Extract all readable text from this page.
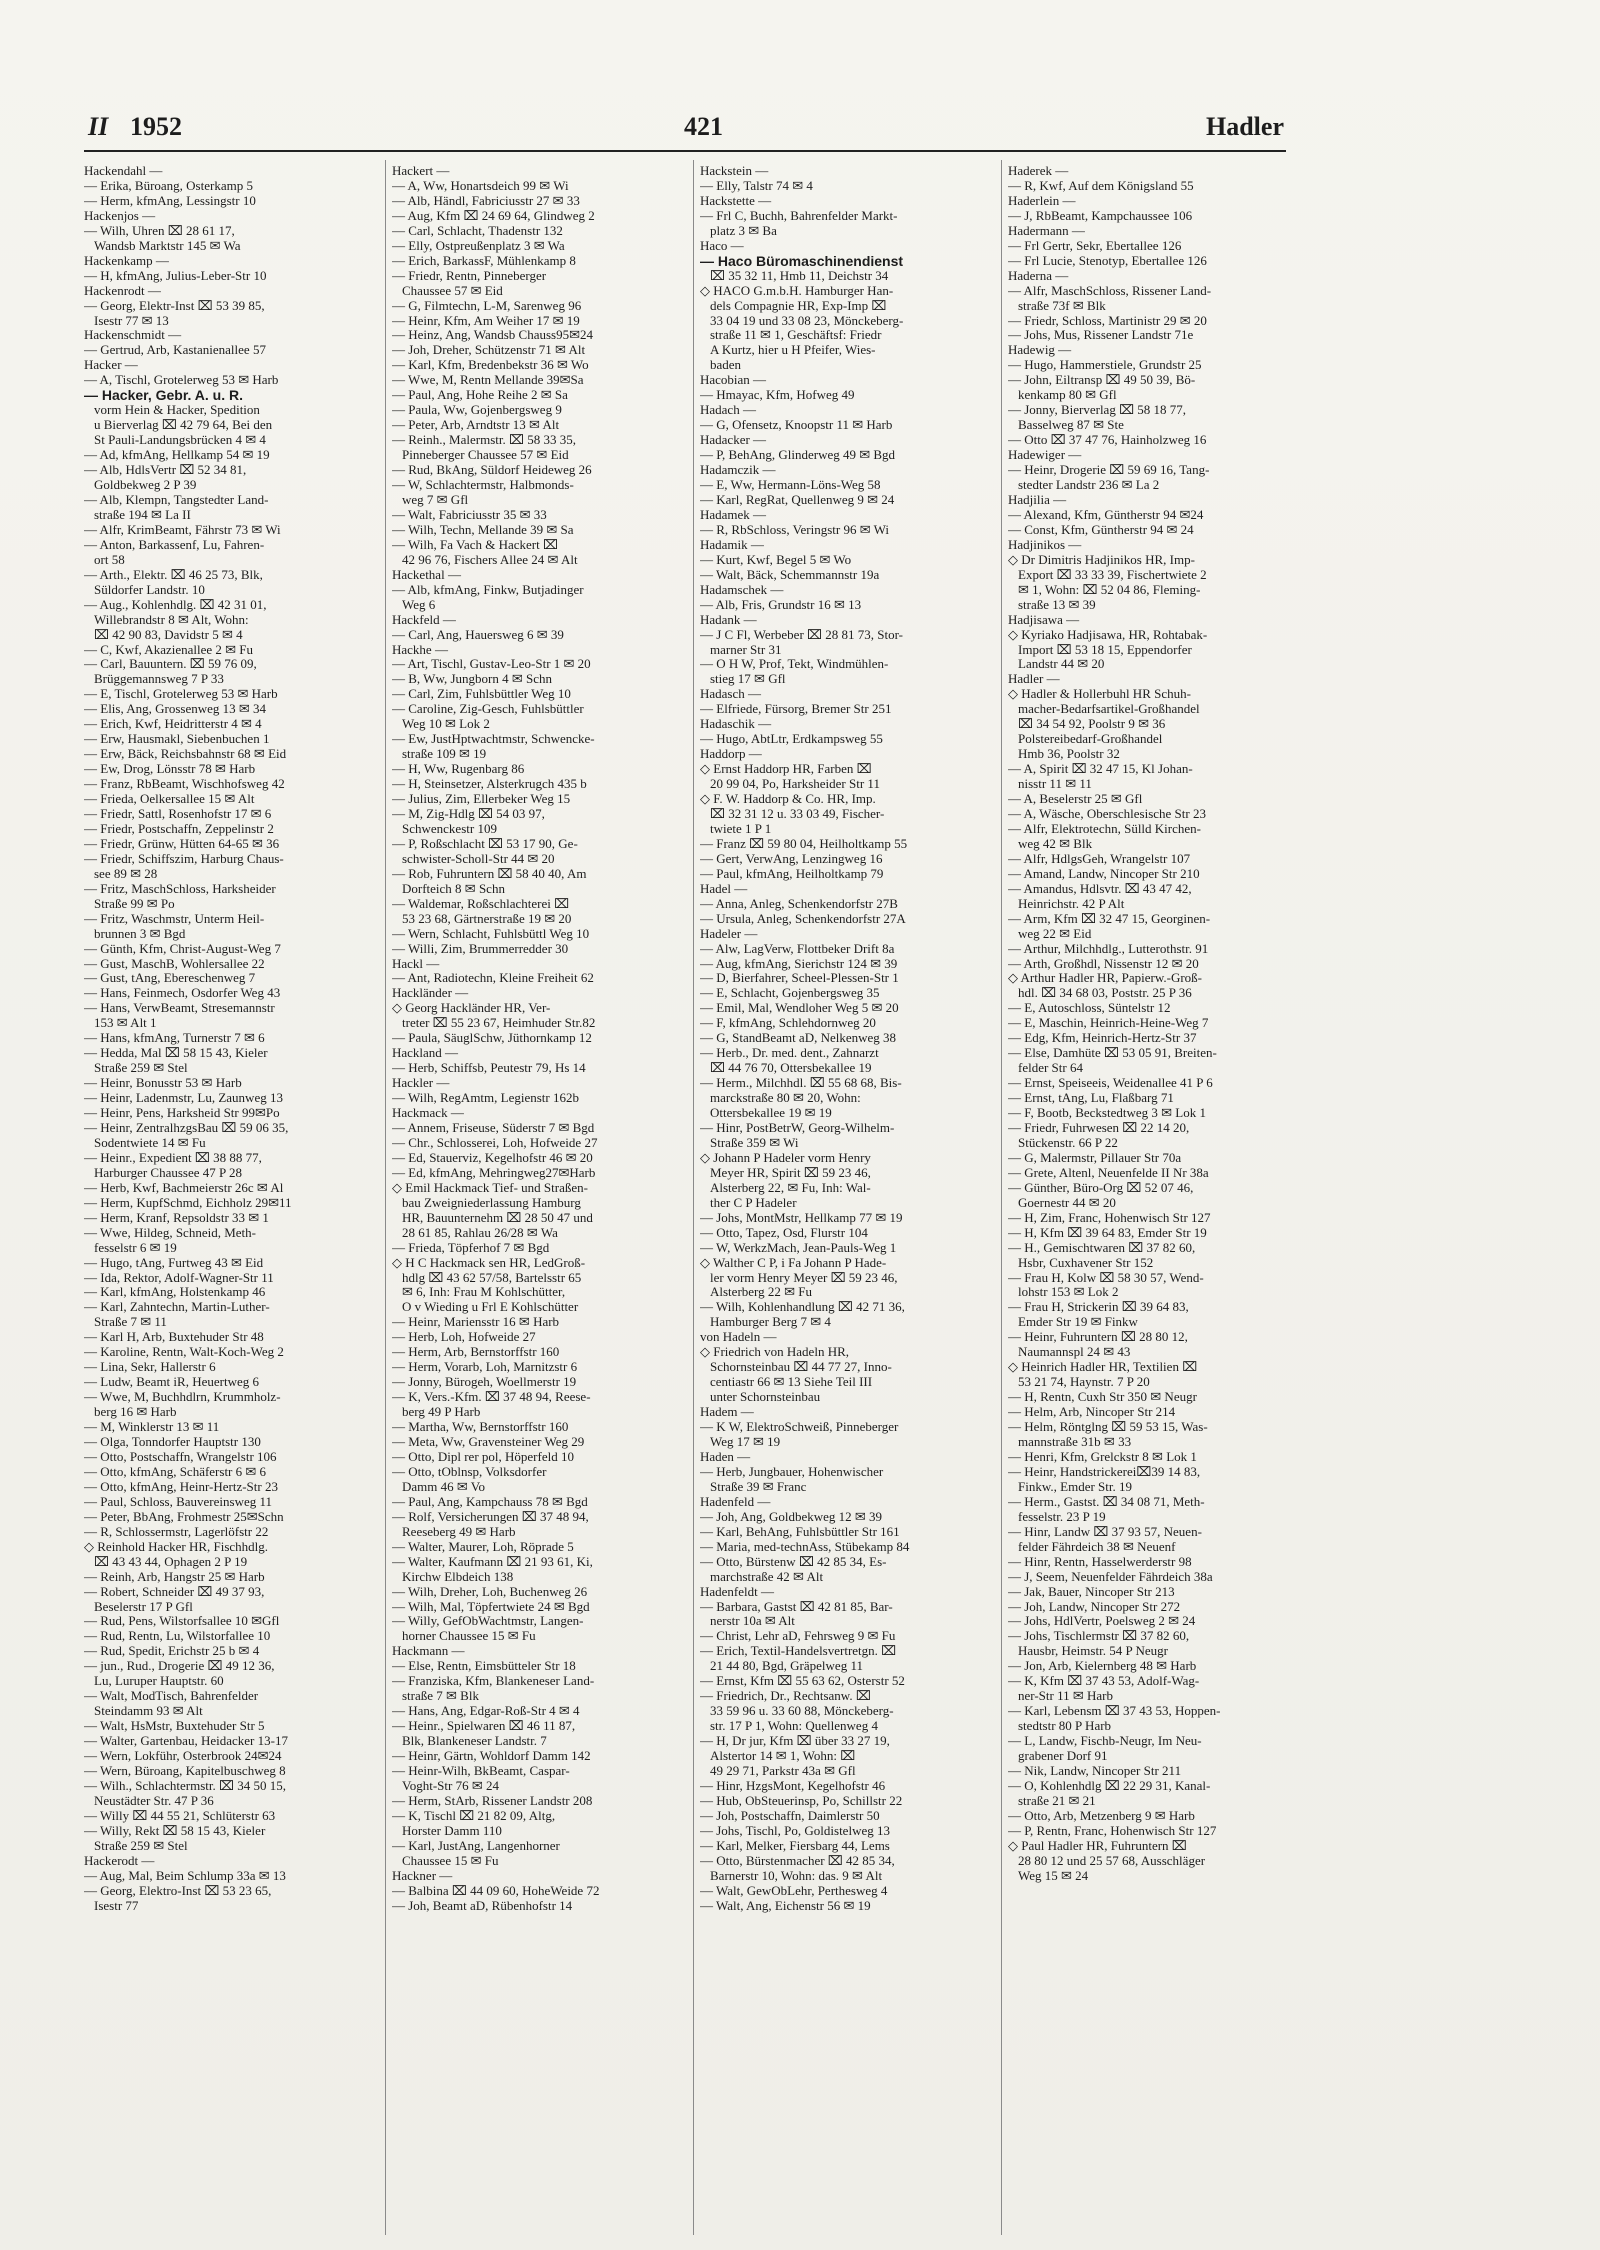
II 1952	421	Hadler
Hackendahl —
— Erika, Büroang, Osterkamp 5
— Herm, kfmAng, Lessingstr 10
Hackenjos —
— Wilh, Uhren ⌧ 28 61 17,
Wandsb Marktstr 145 ✉ Wa
Hackenkamp —
— H, kfmAng, Julius-Leber-Str 10
Hackenrodt —
— Georg, Elektr-Inst ⌧ 53 39 85,
Isestr 77 ✉ 13
Hackenschmidt —
— Gertrud, Arb, Kastanienallee 57
Hacker —
— A, Tischl, Grotelerweg 53 ✉ Harb
— Hacker, Gebr. A. u. R.
vorm Hein & Hacker, Spedition
u Bierverlag ⌧ 42 79 64, Bei den
St Pauli-Landungsbrücken 4 ✉ 4
— Ad, kfmAng, Hellkamp 54 ✉ 19
— Alb, HdlsVertr ⌧ 52 34 81,
Goldbekweg 2 P 39
— Alb, Klempn, Tangstedter Land-
straße 194 ✉ La II
— Alfr, KrimBeamt, Fährstr 73 ✉ Wi
— Anton, Barkassenf, Lu, Fahren-
ort 58
— Arth., Elektr. ⌧ 46 25 73, Blk,
Süldorfer Landstr. 10
— Aug., Kohlenhdlg. ⌧ 42 31 01,
Willebrandstr 8 ✉ Alt, Wohn:
⌧ 42 90 83, Davidstr 5 ✉ 4
— C, Kwf, Akazienallee 2 ✉ Fu
— Carl, Bauuntern. ⌧ 59 76 09,
Brüggemannsweg 7 P 33
— E, Tischl, Grotelerweg 53 ✉ Harb
— Elis, Ang, Grossenweg 13 ✉ 34
— Erich, Kwf, Heidritterstr 4 ✉ 4
— Erw, Hausmakl, Siebenbuchen 1
— Erw, Bäck, Reichsbahnstr 68 ✉ Eid
— Ew, Drog, Lönsstr 78 ✉ Harb
— Franz, RbBeamt, Wischhofsweg 42
— Frieda, Oelkersallee 15 ✉ Alt
— Friedr, Sattl, Rosenhofstr 17 ✉ 6
— Friedr, Postschaffn, Zeppelinstr 2
— Friedr, Grünw, Hütten 64-65 ✉ 36
— Friedr, Schiffszim, Harburg Chaus-
see 89 ✉ 28
— Fritz, MaschSchloss, Harksheider
Straße 99 ✉ Po
— Fritz, Waschmstr, Unterm Heil-
brunnen 3 ✉ Bgd
— Günth, Kfm, Christ-August-Weg 7
— Gust, MaschB, Wohlersallee 22
— Gust, tAng, Ebereschenweg 7
— Hans, Feinmech, Osdorfer Weg 43
— Hans, VerwBeamt, Stresemannstr
153 ✉ Alt 1
— Hans, kfmAng, Turnerstr 7 ✉ 6
— Hedda, Mal ⌧ 58 15 43, Kieler
Straße 259 ✉ Stel
— Heinr, Bonusstr 53 ✉ Harb
— Heinr, Ladenmstr, Lu, Zaunweg 13
— Heinr, Pens, Harksheid Str 99✉Po
— Heinr, ZentralhzgsBau ⌧ 59 06 35,
Sodentwiete 14 ✉ Fu
— Heinr., Expedient ⌧ 38 88 77,
Harburger Chaussee 47 P 28
— Herb, Kwf, Bachmeierstr 26c ✉ Al
— Herm, KupfSchmd, Eichholz 29✉11
— Herm, Kranf, Repsoldstr 33 ✉ 1
— Wwe, Hildeg, Schneid, Meth-
fesselstr 6 ✉ 19
— Hugo, tAng, Furtweg 43 ✉ Eid
— Ida, Rektor, Adolf-Wagner-Str 11
— Karl, kfmAng, Holstenkamp 46
— Karl, Zahntechn, Martin-Luther-
Straße 7 ✉ 11
— Karl H, Arb, Buxtehuder Str 48
— Karoline, Rentn, Walt-Koch-Weg 2
— Lina, Sekr, Hallerstr 6
— Ludw, Beamt iR, Heuertweg 6
— Wwe, M, Buchhdlrn, Krummholz-
berg 16 ✉ Harb
— M, Winklerstr 13 ✉ 11
— Olga, Tonndorfer Hauptstr 130
— Otto, Postschaffn, Wrangelstr 106
— Otto, kfmAng, Schäferstr 6 ✉ 6
— Otto, kfmAng, Heinr-Hertz-Str 23
— Paul, Schloss, Bauvereinsweg 11
— Peter, BbAng, Frohmestr 25✉Schn
— R, Schlossermstr, Lagerlöfstr 22
◇ Reinhold Hacker HR, Fischhdlg.
⌧ 43 43 44, Ophagen 2 P 19
— Reinh, Arb, Hangstr 25 ✉ Harb
— Robert, Schneider ⌧ 49 37 93,
Beselerstr 17 P Gfl
— Rud, Pens, Wilstorfsallee 10 ✉Gfl
— Rud, Rentn, Lu, Wilstorfallee 10
— Rud, Spedit, Erichstr 25 b ✉ 4
— jun., Rud., Drogerie ⌧ 49 12 36,
Lu, Luruper Hauptstr. 60
— Walt, ModTisch, Bahrenfelder
Steindamm 93 ✉ Alt
— Walt, HsMstr, Buxtehuder Str 5
— Walter, Gartenbau, Heidacker 13-17
— Wern, Lokführ, Osterbrook 24✉24
— Wern, Büroang, Kapitelbuschweg 8
— Wilh., Schlachtermstr. ⌧ 34 50 15,
Neustädter Str. 47 P 36
— Willy ⌧ 44 55 21, Schlüterstr 63
— Willy, Rekt ⌧ 58 15 43, Kieler
Straße 259 ✉ Stel
Hackerodt —
— Aug, Mal, Beim Schlump 33a ✉ 13
— Georg, Elektro-Inst ⌧ 53 23 65,
Isestr 77
Hackert —
— A, Ww, Honartsdeich 99 ✉ Wi
— Alb, Händl, Fabriciusstr 27 ✉ 33
— Aug, Kfm ⌧ 24 69 64, Glindweg 2
— Carl, Schlacht, Thadenstr 132
— Elly, Ostpreußenplatz 3 ✉ Wa
— Erich, BarkassF, Mühlenkamp 8
— Friedr, Rentn, Pinneberger
Chaussee 57 ✉ Eid
— G, Filmtechn, L-M, Sarenweg 96
— Heinr, Kfm, Am Weiher 17 ✉ 19
— Heinz, Ang, Wandsb Chauss95✉24
— Joh, Dreher, Schützenstr 71 ✉ Alt
— Karl, Kfm, Bredenbekstr 36 ✉ Wo
— Wwe, M, Rentn Mellande 39✉Sa
— Paul, Ang, Hohe Reihe 2 ✉ Sa
— Paula, Ww, Gojenbergsweg 9
— Peter, Arb, Arndtstr 13 ✉ Alt
— Reinh., Malermstr. ⌧ 58 33 35,
Pinneberger Chaussee 57 ✉ Eid
— Rud, BkAng, Süldorf Heideweg 26
— W, Schlachtermstr, Halbmonds-
weg 7 ✉ Gfl
— Walt, Fabriciusstr 35 ✉ 33
— Wilh, Techn, Mellande 39 ✉ Sa
— Wilh, Fa Vach & Hackert ⌧
42 96 76, Fischers Allee 24 ✉ Alt
Hackethal —
— Alb, kfmAng, Finkw, Butjadinger
Weg 6
Hackfeld —
— Carl, Ang, Hauersweg 6 ✉ 39
Hackhe —
— Art, Tischl, Gustav-Leo-Str 1 ✉ 20
— B, Ww, Jungborn 4 ✉ Schn
— Carl, Zim, Fuhlsbüttler Weg 10
— Caroline, Zig-Gesch, Fuhlsbüttler
Weg 10 ✉ Lok 2
— Ew, JustHptwachtmstr, Schwencke-
straße 109 ✉ 19
— H, Ww, Rugenbarg 86
— H, Steinsetzer, Alsterkrugch 435 b
— Julius, Zim, Ellerbeker Weg 15
— M, Zig-Hdlg ⌧ 54 03 97,
Schwenckestr 109
— P, Roßschlacht ⌧ 53 17 90, Ge-
schwister-Scholl-Str 44 ✉ 20
— Rob, Fuhruntern ⌧ 58 40 40, Am
Dorfteich 8 ✉ Schn
— Waldemar, Roßschlachterei ⌧
53 23 68, Gärtnerstraße 19 ✉ 20
— Wern, Schlacht, Fuhlsbüttl Weg 10
— Willi, Zim, Brummerredder 30
Hackl —
— Ant, Radiotechn, Kleine Freiheit 62
Hackländer —
◇ Georg Hackländer HR, Ver-
treter ⌧ 55 23 67, Heimhuder Str.82
— Paula, SäuglSchw, Jüthornkamp 12
Hackland —
— Herb, Schiffsb, Peutestr 79, Hs 14
Hackler —
— Wilh, RegAmtm, Legienstr 162b
Hackmack —
— Annem, Friseuse, Süderstr 7 ✉ Bgd
— Chr., Schlosserei, Loh, Hofweide 27
— Ed, Stauerviz, Kegelhofstr 46 ✉ 20
— Ed, kfmAng, Mehringweg27✉Harb
◇ Emil Hackmack Tief- und Straßen-
bau Zweigniederlassung Hamburg
HR, Bauunternehm ⌧ 28 50 47 und
28 61 85, Rahlau 26/28 ✉ Wa
— Frieda, Töpferhof 7 ✉ Bgd
◇ H C Hackmack sen HR, LedGroß-
hdlg ⌧ 43 62 57/58, Bartelsstr 65
✉ 6, Inh: Frau M Kohlschütter,
O v Wieding u Frl E Kohlschütter
— Heinr, Mariensstr 16 ✉ Harb
— Herb, Loh, Hofweide 27
— Herm, Arb, Bernstorffstr 160
— Herm, Vorarb, Loh, Marnitzstr 6
— Jonny, Bürogeh, Woellmerstr 19
— K, Vers.-Kfm. ⌧ 37 48 94, Reese-
berg 49 P Harb
— Martha, Ww, Bernstorffstr 160
— Meta, Ww, Gravensteiner Weg 29
— Otto, Dipl rer pol, Höperfeld 10
— Otto, tOblnsp, Volksdorfer
Damm 46 ✉ Vo
— Paul, Ang, Kampchauss 78 ✉ Bgd
— Rolf, Versicherungen ⌧ 37 48 94,
Reeseberg 49 ✉ Harb
— Walter, Maurer, Loh, Röprade 5
— Walter, Kaufmann ⌧ 21 93 61, Ki,
Kirchw Elbdeich 138
— Wilh, Dreher, Loh, Buchenweg 26
— Wilh, Mal, Töpfertwiete 24 ✉ Bgd
— Willy, GefObWachtmstr, Langen-
horner Chaussee 15 ✉ Fu
Hackmann —
— Else, Rentn, Eimsbütteler Str 18
— Franziska, Kfm, Blankeneser Land-
straße 7 ✉ Blk
— Hans, Ang, Edgar-Roß-Str 4 ✉ 4
— Heinr., Spielwaren ⌧ 46 11 87,
Blk, Blankeneser Landstr. 7
— Heinr, Gärtn, Wohldorf Damm 142
— Heinr-Wilh, BkBeamt, Caspar-
Voght-Str 76 ✉ 24
— Herm, StArb, Rissener Landstr 208
— K, Tischl ⌧ 21 82 09, Altg,
Horster Damm 110
— Karl, JustAng, Langenhorner
Chaussee 15 ✉ Fu
Hackner —
— Balbina ⌧ 44 09 60, HoheWeide 72
— Joh, Beamt aD, Rübenhofstr 14
Hackstein —
— Elly, Talstr 74 ✉ 4
Hackstette —
— Frl C, Buchh, Bahrenfelder Markt-
platz 3 ✉ Ba
Haco —
— Haco Büromaschinendienst
⌧ 35 32 11, Hmb 11, Deichstr 34
◇ HACO G.m.b.H. Hamburger Han-
dels Compagnie HR, Exp-Imp ⌧
33 04 19 und 33 08 23, Mönckeberg-
straße 11 ✉ 1, Geschäftsf: Friedr
A Kurtz, hier u H Pfeifer, Wies-
baden
Hacobian —
— Hmayac, Kfm, Hofweg 49
Hadach —
— G, Ofensetz, Knoopstr 11 ✉ Harb
Hadacker —
— P, BehAng, Glinderweg 49 ✉ Bgd
Hadamczik —
— E, Ww, Hermann-Löns-Weg 58
— Karl, RegRat, Quellenweg 9 ✉ 24
Hadamek —
— R, RbSchloss, Veringstr 96 ✉ Wi
Hadamik —
— Kurt, Kwf, Begel 5 ✉ Wo
— Walt, Bäck, Schemmannstr 19a
Hadamschek —
— Alb, Fris, Grundstr 16 ✉ 13
Hadank —
— J C Fl, Werbeber ⌧ 28 81 73, Stor-
marner Str 31
— O H W, Prof, Tekt, Windmühlen-
stieg 17 ✉ Gfl
Hadasch —
— Elfriede, Fürsorg, Bremer Str 251
Hadaschik —
— Hugo, AbtLtr, Erdkampsweg 55
Haddorp —
◇ Ernst Haddorp HR, Farben ⌧
20 99 04, Po, Harksheider Str 11
◇ F. W. Haddorp & Co. HR, Imp.
⌧ 32 31 12 u. 33 03 49, Fischer-
twiete 1 P 1
— Franz ⌧ 59 80 04, Heilholtkamp 55
— Gert, VerwAng, Lenzingweg 16
— Paul, kfmAng, Heilholtkamp 79
Hadel —
— Anna, Anleg, Schenkendorfstr 27B
— Ursula, Anleg, Schenkendorfstr 27A
Hadeler —
— Alw, LagVerw, Flottbeker Drift 8a
— Aug, kfmAng, Sierichstr 124 ✉ 39
— D, Bierfahrer, Scheel-Plessen-Str 1
— E, Schlacht, Gojenbergsweg 35
— Emil, Mal, Wendloher Weg 5 ✉ 20
— F, kfmAng, Schlehdornweg 20
— G, StandBeamt aD, Nelkenweg 38
— Herb., Dr. med. dent., Zahnarzt
⌧ 44 76 70, Ottersbekallee 19
— Herm., Milchhdl. ⌧ 55 68 68, Bis-
marckstraße 80 ✉ 20, Wohn:
Ottersbekallee 19 ✉ 19
— Hinr, PostBetrW, Georg-Wilhelm-
Straße 359 ✉ Wi
◇ Johann P Hadeler vorm Henry
Meyer HR, Spirit ⌧ 59 23 46,
Alsterberg 22, ✉ Fu, Inh: Wal-
ther C P Hadeler
— Johs, MontMstr, Hellkamp 77 ✉ 19
— Otto, Tapez, Osd, Flurstr 104
— W, WerkzMach, Jean-Pauls-Weg 1
◇ Walther C P, i Fa Johann P Hade-
ler vorm Henry Meyer ⌧ 59 23 46,
Alsterberg 22 ✉ Fu
— Wilh, Kohlenhandlung ⌧ 42 71 36,
Hamburger Berg 7 ✉ 4
von Hadeln —
◇ Friedrich von Hadeln HR,
Schornsteinbau ⌧ 44 77 27, Inno-
centiastr 66 ✉ 13 Siehe Teil III
unter Schornsteinbau
Hadem —
— K W, ElektroSchweiß, Pinneberger
Weg 17 ✉ 19
Haden —
— Herb, Jungbauer, Hohenwischer
Straße 39 ✉ Franc
Hadenfeld —
— Joh, Ang, Goldbekweg 12 ✉ 39
— Karl, BehAng, Fuhlsbüttler Str 161
— Maria, med-technAss, Stübekamp 84
— Otto, Bürstenw ⌧ 42 85 34, Es-
marchstraße 42 ✉ Alt
Hadenfeldt —
— Barbara, Gastst ⌧ 42 81 85, Bar-
nerstr 10a ✉ Alt
— Christ, Lehr aD, Fehrsweg 9 ✉ Fu
— Erich, Textil-Handelsvertretgn. ⌧
21 44 80, Bgd, Gräpelweg 11
— Ernst, Kfm ⌧ 55 63 62, Osterstr 52
— Friedrich, Dr., Rechtsanw. ⌧
33 59 96 u. 33 60 88, Mönckeberg-
str. 17 P 1, Wohn: Quellenweg 4
— H, Dr jur, Kfm ⌧ über 33 27 19,
Alstertor 14 ✉ 1, Wohn: ⌧
49 29 71, Parkstr 43a ✉ Gfl
— Hinr, HzgsMont, Kegelhofstr 46
— Hub, ObSteuerinsp, Po, Schillstr 22
— Joh, Postschaffn, Daimlerstr 50
— Johs, Tischl, Po, Goldistelweg 13
— Karl, Melker, Fiersbarg 44, Lems
— Otto, Bürstenmacher ⌧ 42 85 34,
Barnerstr 10, Wohn: das. 9 ✉ Alt
— Walt, GewObLehr, Perthesweg 4
— Walt, Ang, Eichenstr 56 ✉ 19
Haderek —
— R, Kwf, Auf dem Königsland 55
Haderlein —
— J, RbBeamt, Kampchaussee 106
Hadermann —
— Frl Gertr, Sekr, Ebertallee 126
— Frl Lucie, Stenotyp, Ebertallee 126
Haderna —
— Alfr, MaschSchloss, Rissener Land-
straße 73f ✉ Blk
— Friedr, Schloss, Martinistr 29 ✉ 20
— Johs, Mus, Rissener Landstr 71e
Hadewig —
— Hugo, Hammerstiele, Grundstr 25
— John, Eiltransp ⌧ 49 50 39, Bö-
kenkamp 80 ✉ Gfl
— Jonny, Bierverlag ⌧ 58 18 77,
Basselweg 87 ✉ Ste
— Otto ⌧ 37 47 76, Hainholzweg 16
Hadewiger —
— Heinr, Drogerie ⌧ 59 69 16, Tang-
stedter Landstr 236 ✉ La 2
Hadjilia —
— Alexand, Kfm, Güntherstr 94 ✉24
— Const, Kfm, Güntherstr 94 ✉ 24
Hadjinikos —
◇ Dr Dimitris Hadjinikos HR, Imp-
Export ⌧ 33 33 39, Fischertwiete 2
✉ 1, Wohn: ⌧ 52 04 86, Fleming-
straße 13 ✉ 39
Hadjisawa —
◇ Kyriako Hadjisawa, HR, Rohtabak-
Import ⌧ 53 18 15, Eppendorfer
Landstr 44 ✉ 20
Hadler —
◇ Hadler & Hollerbuhl HR Schuh-
macher-Bedarfsartikel-Großhandel
⌧ 34 54 92, Poolstr 9 ✉ 36
Polstereibedarf-Großhandel
Hmb 36, Poolstr 32
— A, Spirit ⌧ 32 47 15, Kl Johan-
nisstr 11 ✉ 11
— A, Beselerstr 25 ✉ Gfl
— A, Wäsche, Oberschlesische Str 23
— Alfr, Elektrotechn, Sülld Kirchen-
weg 42 ✉ Blk
— Alfr, HdlgsGeh, Wrangelstr 107
— Amand, Landw, Nincoper Str 210
— Amandus, Hdlsvtr. ⌧ 43 47 42,
Heinrichstr. 42 P Alt
— Arm, Kfm ⌧ 32 47 15, Georginen-
weg 22 ✉ Eid
— Arthur, Milchhdlg., Lutterothstr. 91
— Arth, Großhdl, Nissenstr 12 ✉ 20
◇ Arthur Hadler HR, Papierw.-Groß-
hdl. ⌧ 34 68 03, Poststr. 25 P 36
— E, Autoschloss, Süntelstr 12
— E, Maschin, Heinrich-Heine-Weg 7
— Edg, Kfm, Heinrich-Hertz-Str 37
— Else, Damhüte ⌧ 53 05 91, Breiten-
felder Str 64
— Ernst, Speiseeis, Weidenallee 41 P 6
— Ernst, tAng, Lu, Flaßbarg 71
— F, Bootb, Beckstedtweg 3 ✉ Lok 1
— Friedr, Fuhrwesen ⌧ 22 14 20,
Stückenstr. 66 P 22
— G, Malermstr, Pillauer Str 70a
— Grete, Altenl, Neuenfelde II Nr 38a
— Günther, Büro-Org ⌧ 52 07 46,
Goernestr 44 ✉ 20
— H, Zim, Franc, Hohenwisch Str 127
— H, Kfm ⌧ 39 64 83, Emder Str 19
— H., Gemischtwaren ⌧ 37 82 60,
Hsbr, Cuxhavener Str 152
— Frau H, Kolw ⌧ 58 30 57, Wend-
lohstr 153 ✉ Lok 2
— Frau H, Strickerin ⌧ 39 64 83,
Emder Str 19 ✉ Finkw
— Heinr, Fuhruntern ⌧ 28 80 12,
Naumannspl 24 ✉ 43
◇ Heinrich Hadler HR, Textilien ⌧
53 21 74, Haynstr. 7 P 20
— H, Rentn, Cuxh Str 350 ✉ Neugr
— Helm, Arb, Nincoper Str 214
— Helm, Röntglng ⌧ 59 53 15, Was-
mannstraße 31b ✉ 33
— Henri, Kfm, Grelckstr 8 ✉ Lok 1
— Heinr, Handstrickerei⌧39 14 83,
Finkw., Emder Str. 19
— Herm., Gastst. ⌧ 34 08 71, Meth-
fesselstr. 23 P 19
— Hinr, Landw ⌧ 37 93 57, Neuen-
felder Fährdeich 38 ✉ Neuenf
— Hinr, Rentn, Hasselwerderstr 98
— J, Seem, Neuenfelder Fährdeich 38a
— Jak, Bauer, Nincoper Str 213
— Joh, Landw, Nincoper Str 272
— Johs, HdlVertr, Poelsweg 2 ✉ 24
— Johs, Tischlermstr ⌧ 37 82 60,
Hausbr, Heimstr. 54 P Neugr
— Jon, Arb, Kielernberg 48 ✉ Harb
— K, Kfm ⌧ 37 43 53, Adolf-Wag-
ner-Str 11 ✉ Harb
— Karl, Lebensm ⌧ 37 43 53, Hoppen-
stedtstr 80 P Harb
— L, Landw, Fischb-Neugr, Im Neu-
grabener Dorf 91
— Nik, Landw, Nincoper Str 211
— O, Kohlenhdlg ⌧ 22 29 31, Kanal-
straße 21 ✉ 21
— Otto, Arb, Metzenberg 9 ✉ Harb
— P, Rentn, Franc, Hohenwisch Str 127
◇ Paul Hadler HR, Fuhruntern ⌧
28 80 12 und 25 57 68, Ausschläger
Weg 15 ✉ 24
